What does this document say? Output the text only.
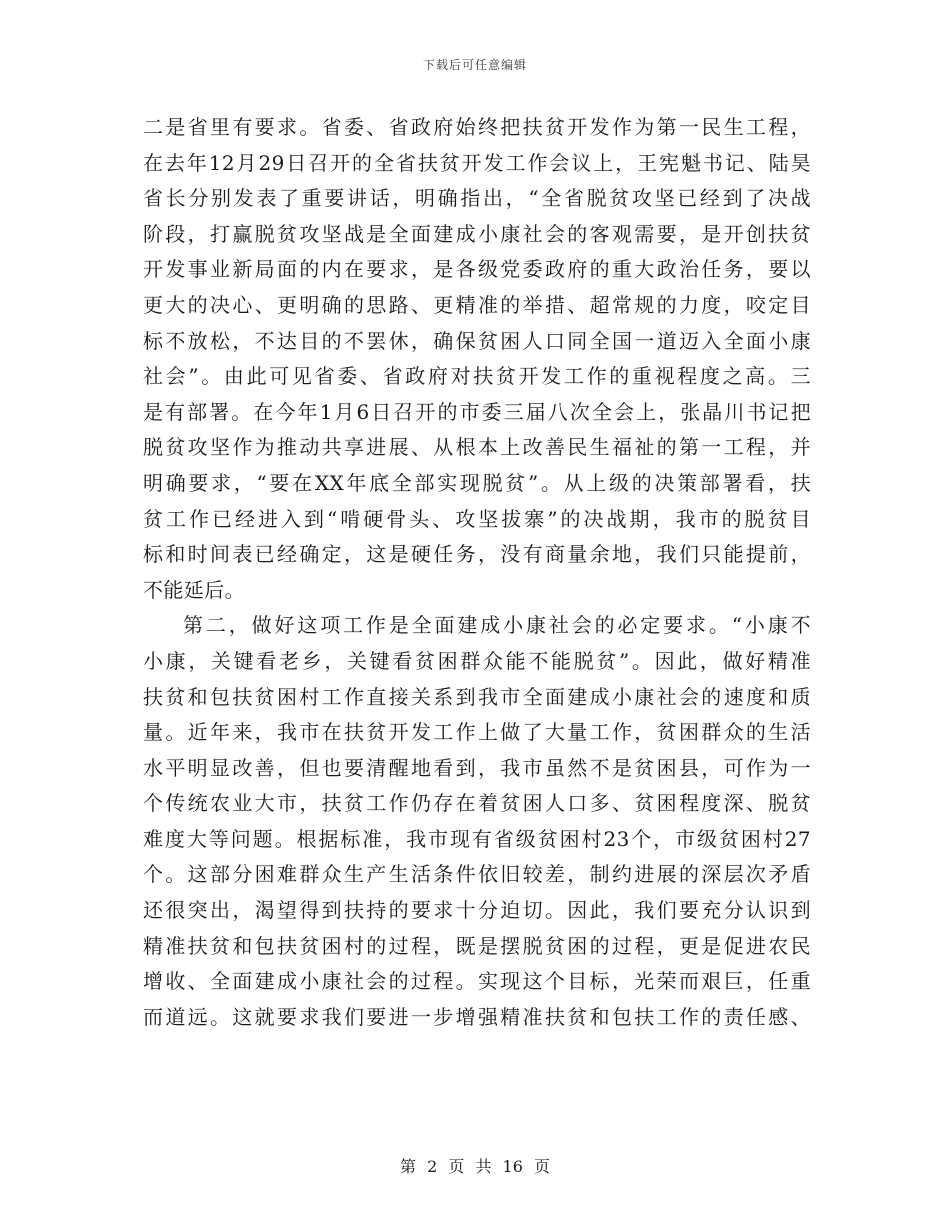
下载后可任意编辑
二是省里有要求。省委、省政府始终把扶贫开发作为第一民生工程，
在去年12月29日召开的全省扶贫开发工作会议上，王宪魁书记、陆昊
省长分别发表了重要讲话，明确指出，“全省脱贫攻坚已经到了决战
阶段，打赢脱贫攻坚战是全面建成小康社会的客观需要，是开创扶贫
开发事业新局面的内在要求，是各级党委政府的重大政治任务，要以
更大的决心、更明确的思路、更精准的举措、超常规的力度，咬定目
标不放松，不达目的不罢休，确保贫困人口同全国一道迈入全面小康
社会”。由此可见省委、省政府对扶贫开发工作的重视程度之高。三
是有部署。在今年1月6日召开的市委三届八次全会上，张晶川书记把
脱贫攻坚作为推动共享进展、从根本上改善民生福祉的第一工程，并
明确要求，“要在XX年底全部实现脱贫”。从上级的决策部署看，扶
贫工作已经进入到“啃硬骨头、攻坚拔寨”的决战期，我市的脱贫目
标和时间表已经确定，这是硬任务，没有商量余地，我们只能提前，
不能延后。
第二，做好这项工作是全面建成小康社会的必定要求。“小康不
小康，关键看老乡，关键看贫困群众能不能脱贫”。因此，做好精准
扶贫和包扶贫困村工作直接关系到我市全面建成小康社会的速度和质
量。近年来，我市在扶贫开发工作上做了大量工作，贫困群众的生活
水平明显改善，但也要清醒地看到，我市虽然不是贫困县，可作为一
个传统农业大市，扶贫工作仍存在着贫困人口多、贫困程度深、脱贫
难度大等问题。根据标准，我市现有省级贫困村23个，市级贫困村27
个。这部分困难群众生产生活条件依旧较差，制约进展的深层次矛盾
还很突出，渴望得到扶持的要求十分迫切。因此，我们要充分认识到
精准扶贫和包扶贫困村的过程，既是摆脱贫困的过程，更是促进农民
增收、全面建成小康社会的过程。实现这个目标，光荣而艰巨，任重
而道远。这就要求我们要进一步增强精准扶贫和包扶工作的责任感、
第 2 页 共 16 页
